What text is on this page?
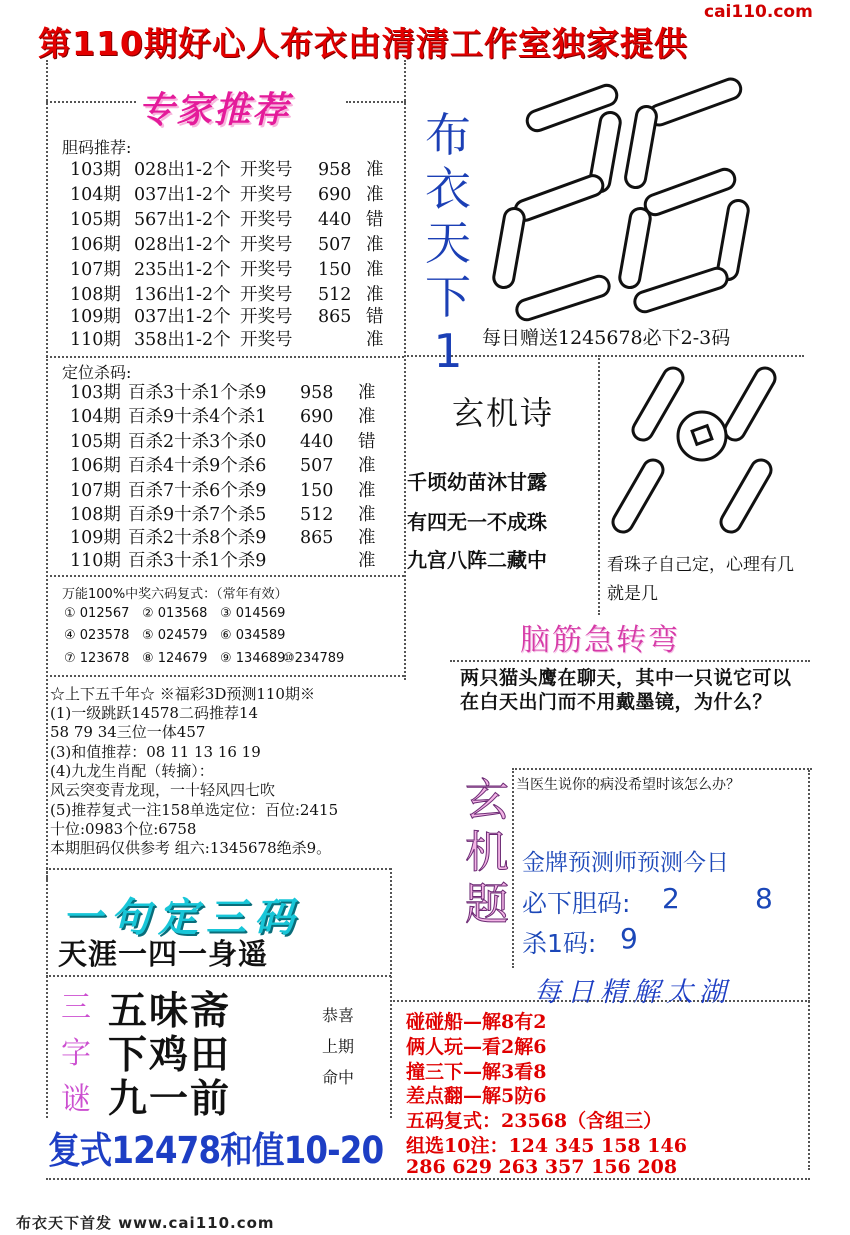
cai110.com
第110期好心人布衣由清清工作室独家提供
专家推荐
胆码推荐:
103期 028出1-2个 开奖号 958 准
104期 037出1-2个 开奖号 690 准
105期 567出1-2个 开奖号 440 错
106期 028出1-2个 开奖号 507 准
107期 235出1-2个 开奖号 150 准
108期 136出1-2个 开奖号 512 准
109期 037出1-2个 开奖号 865 错
110期 358出1-2个 开奖号	准
定位杀码:
103期 百杀3十杀1个杀9 958 准
104期 百杀9十杀4个杀1 690 准
105期 百杀2十杀3个杀0 440 错
106期 百杀4十杀9个杀6 507 准
107期 百杀7十杀6个杀9 150 准
108期 百杀9十杀7个杀5 512 准
109期 百杀2十杀8个杀9 865 准
110期 百杀3十杀1个杀9	准
万能100%中奖六码复式：（常年有效）
① 012567 ② 013568 ③ 014569
④ 023578 ⑤ 024579 ⑥ 034589
⑦ 123678 ⑧ 124679 ⑨ 134689
⑩234789
布衣天下1
26
每日赠送1245678必下2-3码
玄机诗
千顷幼苗沐甘露
有四无一不成珠
九宫八阵二藏中	看珠子自己定，心理有几就是几
脑筋急转弯
两只猫头鹰在聊天，其中一只说它可以在白天出门而不用戴墨镜，为什么？
☆上下五千年☆ ※福彩3D预测110期※
(1)一级跳跃14578二码推荐14
58 79 34三位一体457
(3)和值推荐：08 11 13 16 19
(4)九龙生肖配（转摘）：
风云突变青龙现，一十轻风四七吹
(5)推荐复式一注158单选定位：百位:2415
十位:0983个位:6758
本期胆码仅供参考 组六:1345678绝杀9。
玄机题
当医生说你的病没希望时该怎么办？
金牌预测师预测今日
必下胆码: 2	8
杀1码: 9
一句定三码
天涯一四一身遥
三字谜
五味斋
下鸡田
九一前
恭喜
上期
命中
每日精解太湖
碰碰船—解8有2
俩人玩—看2解6
撞三下—解3看8
差点翻—解5防6
五码复式：23568（含组三）
组选10注：124 345 158 146
286 629 263 357 156 208
复式12478和值10-20
布衣天下首发 www.cai110.com
